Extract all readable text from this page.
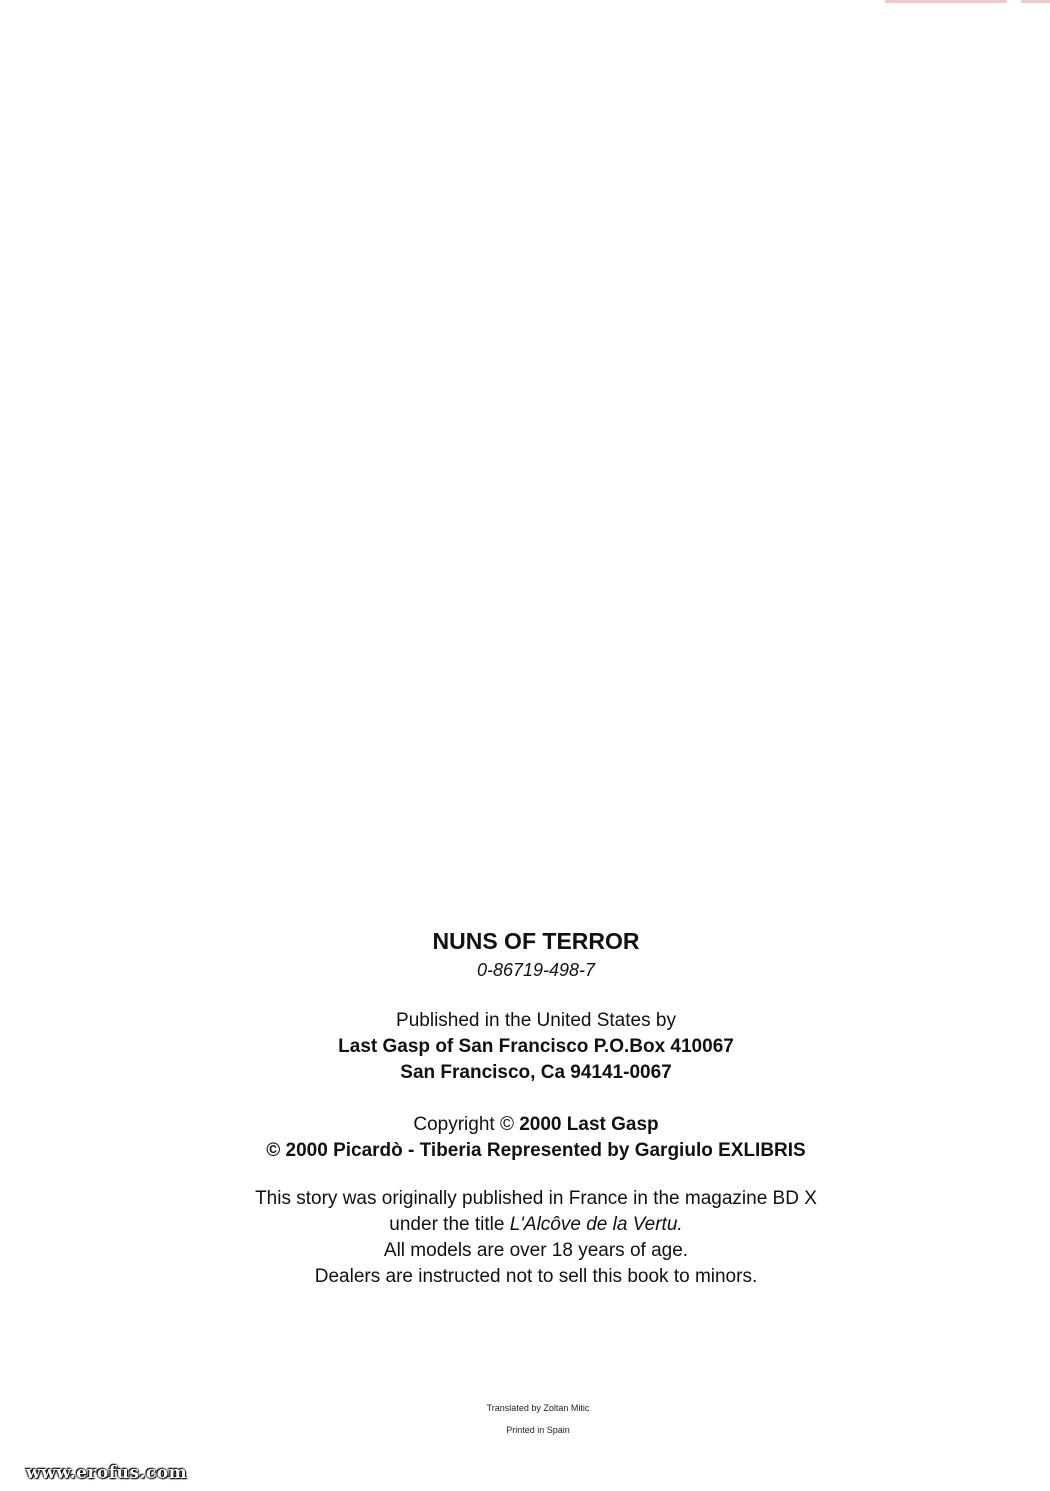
NUNS OF TERROR
0-86719-498-7
Published in the United States by
Last Gasp of San Francisco P.O.Box 410067
San Francisco, Ca 94141-0067
Copyright © 2000 Last Gasp
© 2000 Picardò - Tiberia Represented by Gargiulo EXLIBRIS
This story was originally published in France in the magazine BD X
under the title L'Alcôve de la Vertu.
All models are over 18 years of age.
Dealers are instructed not to sell this book to minors.
Translated by Zoltan Mitic
Printed in Spain
www.erofus.com
